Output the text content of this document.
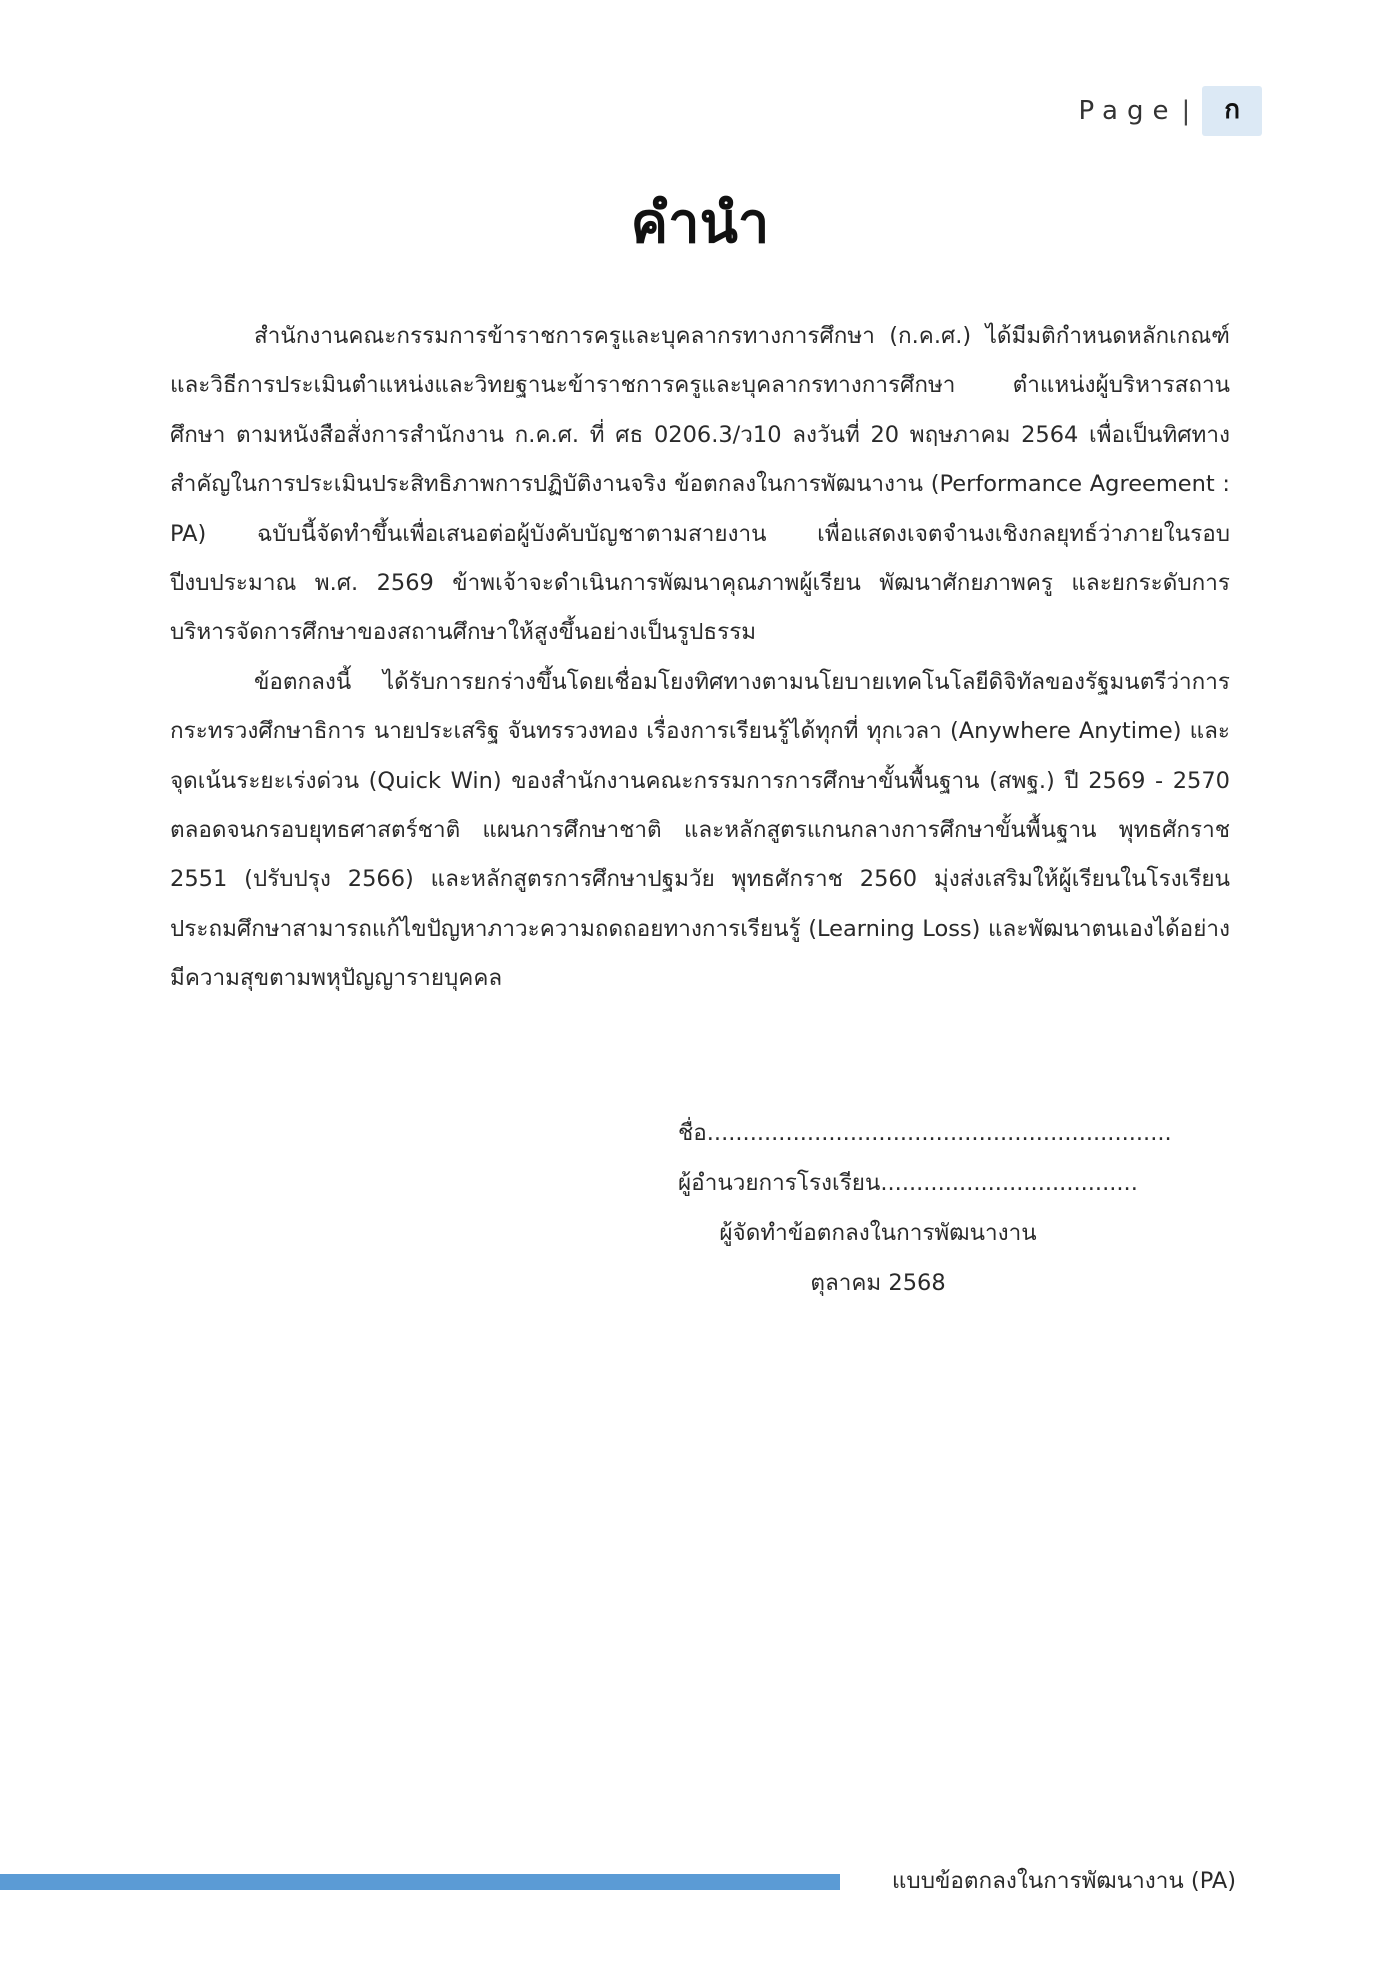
Page |	ก
คำนำ

สำนักงานคณะกรรมการข้าราชการครูและบุคลากรทางการศึกษา (ก.ค.ศ.) ได้มีมติกำหนดหลักเกณฑ์และวิธีการประเมินตำแหน่งและวิทยฐานะข้าราชการครูและบุคลากรทางการศึกษา ตำแหน่งผู้บริหารสถานศึกษา ตามหนังสือสั่งการสำนักงาน ก.ค.ศ. ที่ ศธ 0206.3/ว10 ลงวันที่ 20 พฤษภาคม 2564 เพื่อเป็นทิศทางสำคัญในการประเมินประสิทธิภาพการปฏิบัติงานจริง ข้อตกลงในการพัฒนางาน (Performance Agreement : PA) ฉบับนี้จัดทำขึ้นเพื่อเสนอต่อผู้บังคับบัญชาตามสายงาน เพื่อแสดงเจตจำนงเชิงกลยุทธ์ว่าภายในรอบปีงบประมาณ พ.ศ. 2569 ข้าพเจ้าจะดำเนินการพัฒนาคุณภาพผู้เรียน พัฒนาศักยภาพครู และยกระดับการบริหารจัดการศึกษาของสถานศึกษาให้สูงขึ้นอย่างเป็นรูปธรรม

ข้อตกลงนี้ ได้รับการยกร่างขึ้นโดยเชื่อมโยงทิศทางตามนโยบายเทคโนโลยีดิจิทัลของรัฐมนตรีว่าการกระทรวงศึกษาธิการ นายประเสริฐ จันทรรวงทอง เรื่องการเรียนรู้ได้ทุกที่ ทุกเวลา (Anywhere Anytime) และจุดเน้นระยะเร่งด่วน (Quick Win) ของสำนักงานคณะกรรมการการศึกษาขั้นพื้นฐาน (สพฐ.) ปี 2569 - 2570 ตลอดจนกรอบยุทธศาสตร์ชาติ แผนการศึกษาชาติ และหลักสูตรแกนกลางการศึกษาขั้นพื้นฐาน พุทธศักราช 2551 (ปรับปรุง 2566) และหลักสูตรการศึกษาปฐมวัย พุทธศักราช 2560 มุ่งส่งเสริมให้ผู้เรียนในโรงเรียนประถมศึกษาสามารถแก้ไขปัญหาภาวะความถดถอยทางการเรียนรู้ (Learning Loss) และพัฒนาตนเองได้อย่างมีความสุขตามพหุปัญญารายบุคคล

ชื่อ.................................................................
ผู้อำนวยการโรงเรียน....................................
ผู้จัดทำข้อตกลงในการพัฒนางาน
ตุลาคม 2568
แบบข้อตกลงในการพัฒนางาน (PA)
